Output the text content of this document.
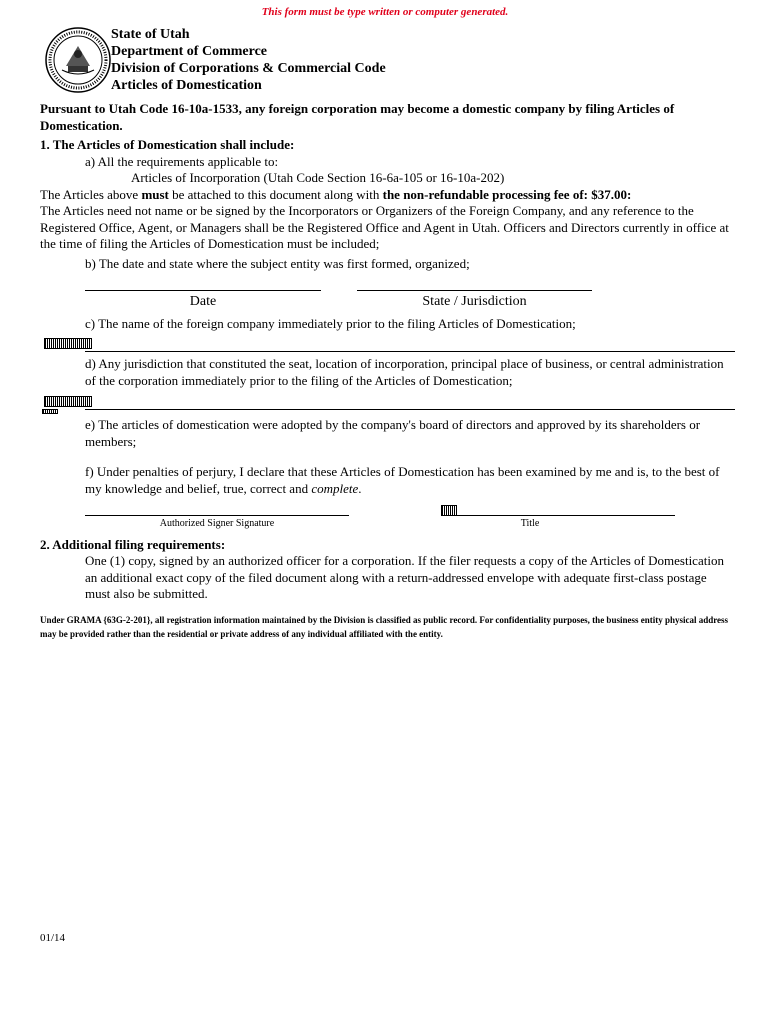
This form must be type written or computer generated.
State of Utah
Department of Commerce
Division of Corporations & Commercial Code
Articles of Domestication
Pursuant to Utah Code 16-10a-1533, any foreign corporation may become a domestic company by filing Articles of Domestication.
1. The Articles of Domestication shall include:
a) All the requirements applicable to:
Articles of Incorporation (Utah Code Section 16-6a-105 or 16-10a-202)
The Articles above must be attached to this document along with the non-refundable processing fee of: $37.00:
The Articles need not name or be signed by the Incorporators or Organizers of the Foreign Company, and any reference to the Registered Office, Agent, or Managers shall be the Registered Office and Agent in Utah. Officers and Directors currently in office at the time of filing the Articles of Domestication must be included;
b) The date and state where the subject entity was first formed, organized;
Date	State / Jurisdiction
c) The name of the foreign company immediately prior to the filing Articles of Domestication;
d) Any jurisdiction that constituted the seat, location of incorporation, principal place of business, or central administration of the corporation immediately prior to the filing of the Articles of Domestication;
e) The articles of domestication were adopted by the company's board of directors and approved by its shareholders or members;
f) Under penalties of perjury, I declare that these Articles of Domestication has been examined by me and is, to the best of my knowledge and belief, true, correct and complete.
Authorized Signer Signature	Title
2. Additional filing requirements:
One (1) copy, signed by an authorized officer for a corporation. If the filer requests a copy of the Articles of Domestication an additional exact copy of the filed document along with a return-addressed envelope with adequate first-class postage must also be submitted.
Under GRAMA {63G-2-201}, all registration information maintained by the Division is classified as public record. For confidentiality purposes, the business entity physical address may be provided rather than the residential or private address of any individual affiliated with the entity.
01/14
